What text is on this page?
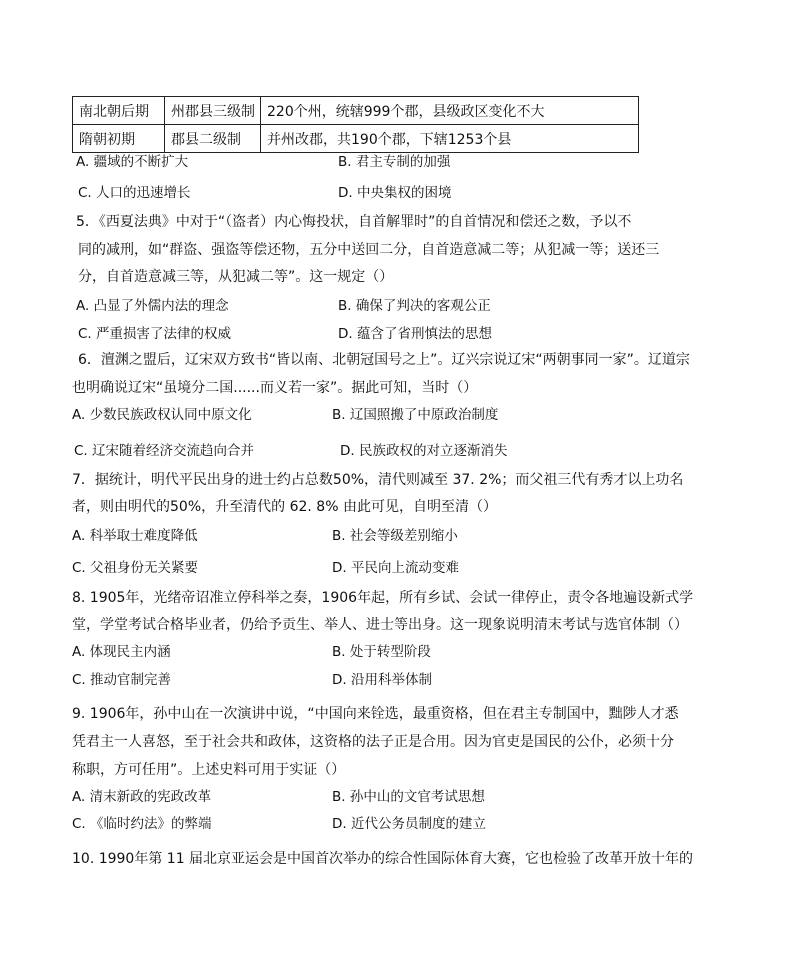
南北朝后期	州郡县三级制	220个州，统辖999个郡，县级政区变化不大
隋朝初期	郡县二级制	并州改郡，共190个郡，下辖1253个县
A. 疆域的不断扩大	B. 君主专制的加强
C. 人口的迅速增长	D. 中央集权的困境
5．《西夏法典》中对于“（盗者）内心悔投状，自首解罪时”的自首情况和偿还之数，予以不
同的减刑，如“群盗、强盗等偿还物，五分中送回二分，自首造意减二等；从犯减一等；送还三
分，自首造意减三等，从犯减二等”。这一规定（）
A. 凸显了外儒内法的理念	B. 确保了判决的客观公正
C. 严重损害了法律的权威	D. 蕴含了省刑慎法的思想
6．澶渊之盟后，辽宋双方致书“皆以南、北朝冠国号之上”。辽兴宗说辽宋“两朝事同一家”。辽道宗
也明确说辽宋“虽境分二国......而义若一家”。据此可知，当时（）
A. 少数民族政权认同中原文化	B. 辽国照搬了中原政治制度
C. 辽宋随着经济交流趋向合并	D. 民族政权的对立逐渐消失
7．据统计，明代平民出身的进士约占总数50%，清代则减至 37. 2%；而父祖三代有秀才以上功名
者，则由明代的50%，升至清代的 62. 8% 由此可见，自明至清（）
A. 科举取士难度降低	B. 社会等级差别缩小
C. 父祖身份无关紧要	D. 平民向上流动变难
8. 1905年，光绪帝诏准立停科举之奏，1906年起，所有乡试、会试一律停止，责令各地遍设新式学
堂，学堂考试合格毕业者，仍给予贡生、举人、进士等出身。这一现象说明清末考试与选官体制（）
A. 体现民主内涵	B. 处于转型阶段
C. 推动官制完善	D. 沿用科举体制
9. 1906年，孙中山在一次演讲中说，“中国向来铨选，最重资格，但在君主专制国中，黜陟人才悉
凭君主一人喜怒，至于社会共和政体，这资格的法子正是合用。因为官吏是国民的公仆，必须十分
称职，方可任用”。上述史料可用于实证（）
A. 清末新政的宪政改革	B. 孙中山的文官考试思想
C. 《临时约法》的弊端	D. 近代公务员制度的建立
10. 1990年第 11 届北京亚运会是中国首次举办的综合性国际体育大赛，它也检验了改革开放十年的
